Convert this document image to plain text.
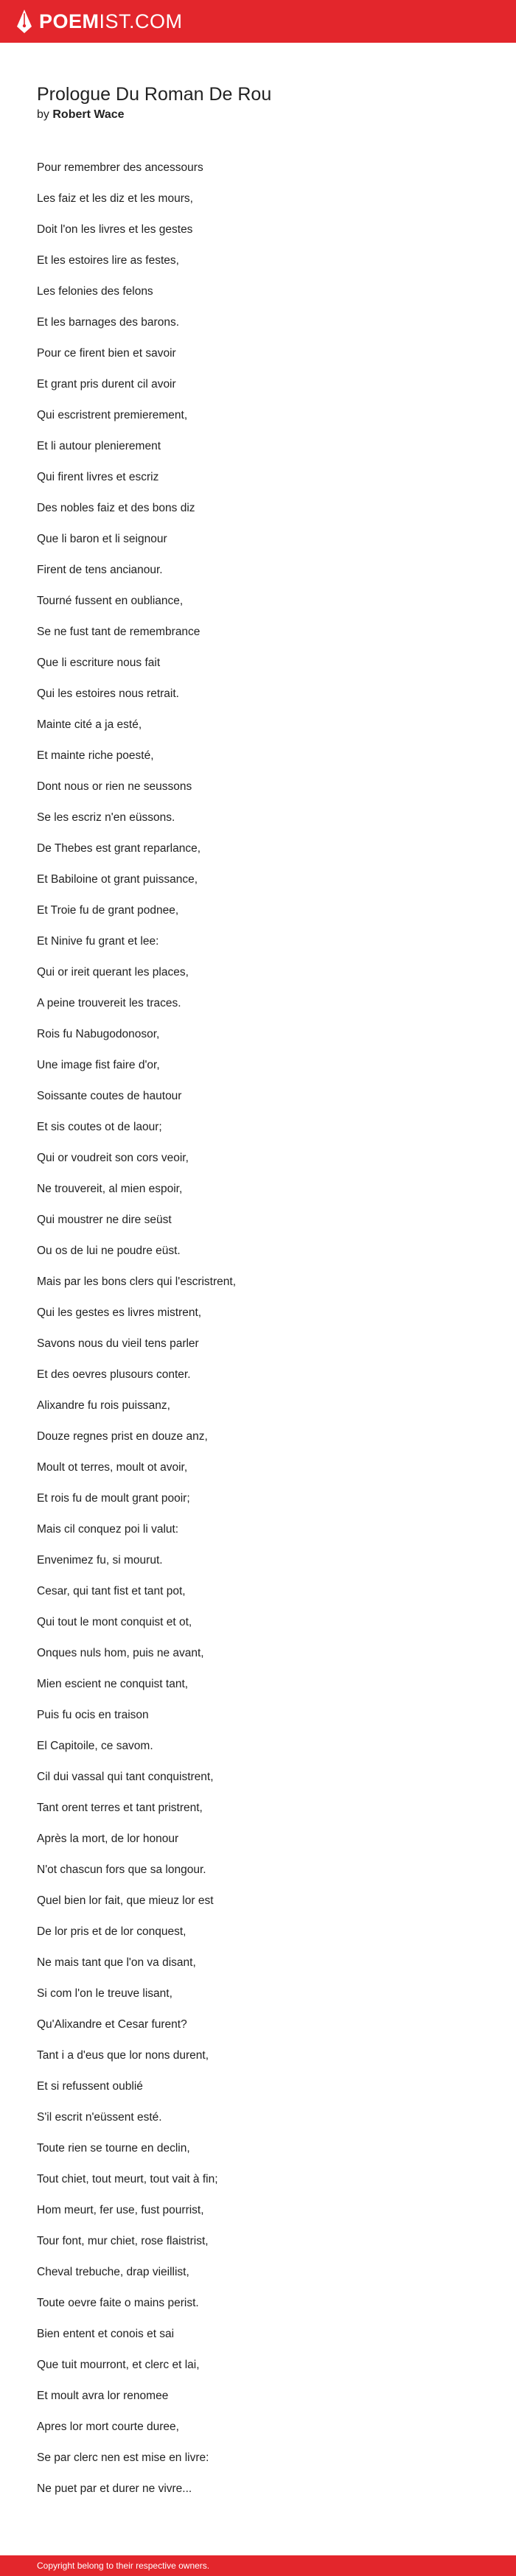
POEMIST.COM
Prologue Du Roman De Rou
by Robert Wace
Pour remembrer des ancessours
Les faiz et les diz et les mours,
Doit l'on les livres et les gestes
Et les estoires lire as festes,
Les felonies des felons
Et les barnages des barons.
Pour ce firent bien et savoir
Et grant pris durent cil avoir
Qui escristrent premierement,
Et li autour plenierement
Qui firent livres et escriz
Des nobles faiz et des bons diz
Que li baron et li seignour
Firent de tens ancianour.
Tourné fussent en oubliance,
Se ne fust tant de remembrance
Que li escriture nous fait
Qui les estoires nous retrait.
Mainte cité a ja esté,
Et mainte riche poesté,
Dont nous or rien ne seussons
Se les escriz n'en eüssons.
De Thebes est grant reparlance,
Et Babiloine ot grant puissance,
Et Troie fu de grant podnee,
Et Ninive fu grant et lee:
Qui or ireit querant les places,
A peine trouvereit les traces.
Rois fu Nabugodonosor,
Une image fist faire d'or,
Soissante coutes de hautour
Et sis coutes ot de laour;
Qui or voudreit son cors veoir,
Ne trouvereit, al mien espoir,
Qui moustrer ne dire seüst
Ou os de lui ne poudre eüst.
Mais par les bons clers qui l'escristrent,
Qui les gestes es livres mistrent,
Savons nous du vieil tens parler
Et des oevres plusours conter.
Alixandre fu rois puissanz,
Douze regnes prist en douze anz,
Moult ot terres, moult ot avoir,
Et rois fu de moult grant pooir;
Mais cil conquez poi li valut:
Envenimez fu, si mourut.
Cesar, qui tant fist et tant pot,
Qui tout le mont conquist et ot,
Onques nuls hom, puis ne avant,
Mien escient ne conquist tant,
Puis fu ocis en traison
El Capitoile, ce savom.
Cil dui vassal qui tant conquistrent,
Tant orent terres et tant pristrent,
Après la mort, de lor honour
N'ot chascun fors que sa longour.
Quel bien lor fait, que mieuz lor est
De lor pris et de lor conquest,
Ne mais tant que l'on va disant,
Si com l'on le treuve lisant,
Qu'Alixandre et Cesar furent?
Tant i a d'eus que lor nons durent,
Et si refussent oublié
S'il escrit n'eüssent esté.
Toute rien se tourne en declin,
Tout chiet, tout meurt, tout vait à fin;
Hom meurt, fer use, fust pourrist,
Tour font, mur chiet, rose flaistrist,
Cheval trebuche, drap vieillist,
Toute oevre faite o mains perist.
Bien entent et conois et sai
Que tuit mourront, et clerc et lai,
Et moult avra lor renomee
Apres lor mort courte duree,
Se par clerc nen est mise en livre:
Ne puet par et durer ne vivre...
Copyright belong to their respective owners.
